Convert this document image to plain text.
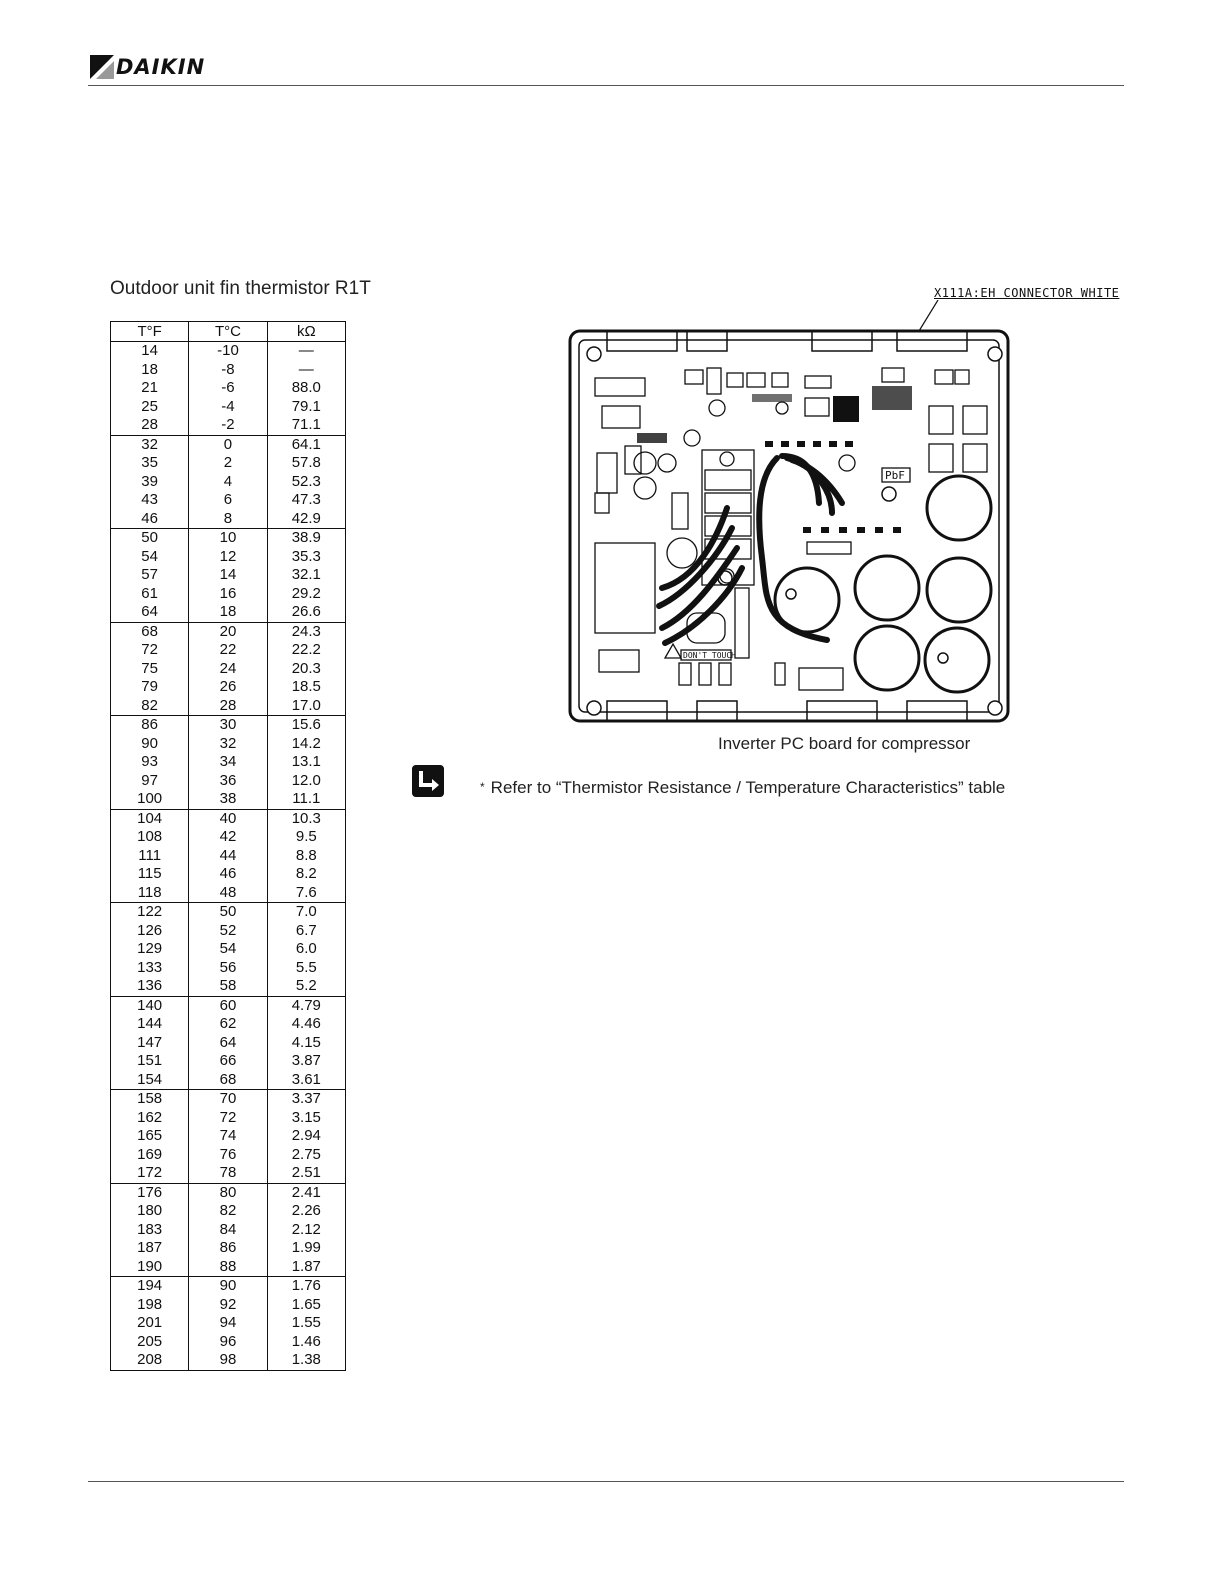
DAIKIN
Outdoor unit fin thermistor R1T
T°F	T°C	kΩ
14	-10	—
18	-8	—
21	-6	88.0
25	-4	79.1
28	-2	71.1
32	0	64.1
35	2	57.8
39	4	52.3
43	6	47.3
46	8	42.9
50	10	38.9
54	12	35.3
57	14	32.1
61	16	29.2
64	18	26.6
68	20	24.3
72	22	22.2
75	24	20.3
79	26	18.5
82	28	17.0
86	30	15.6
90	32	14.2
93	34	13.1
97	36	12.0
100	38	11.1
104	40	10.3
108	42	9.5
111	44	8.8
115	46	8.2
118	48	7.6
122	50	7.0
126	52	6.7
129	54	6.0
133	56	5.5
136	58	5.2
140	60	4.79
144	62	4.46
147	64	4.15
151	66	3.87
154	68	3.61
158	70	3.37
162	72	3.15
165	74	2.94
169	76	2.75
172	78	2.51
176	80	2.41
180	82	2.26
183	84	2.12
187	86	1.99
190	88	1.87
194	90	1.76
198	92	1.65
201	94	1.55
205	96	1.46
208	98	1.38
X111A:EH CONNECTOR WHITE
PbF
DON'T TOUCH
Inverter PC board for compressor
* Refer to “Thermistor Resistance / Temperature Characteristics” table
